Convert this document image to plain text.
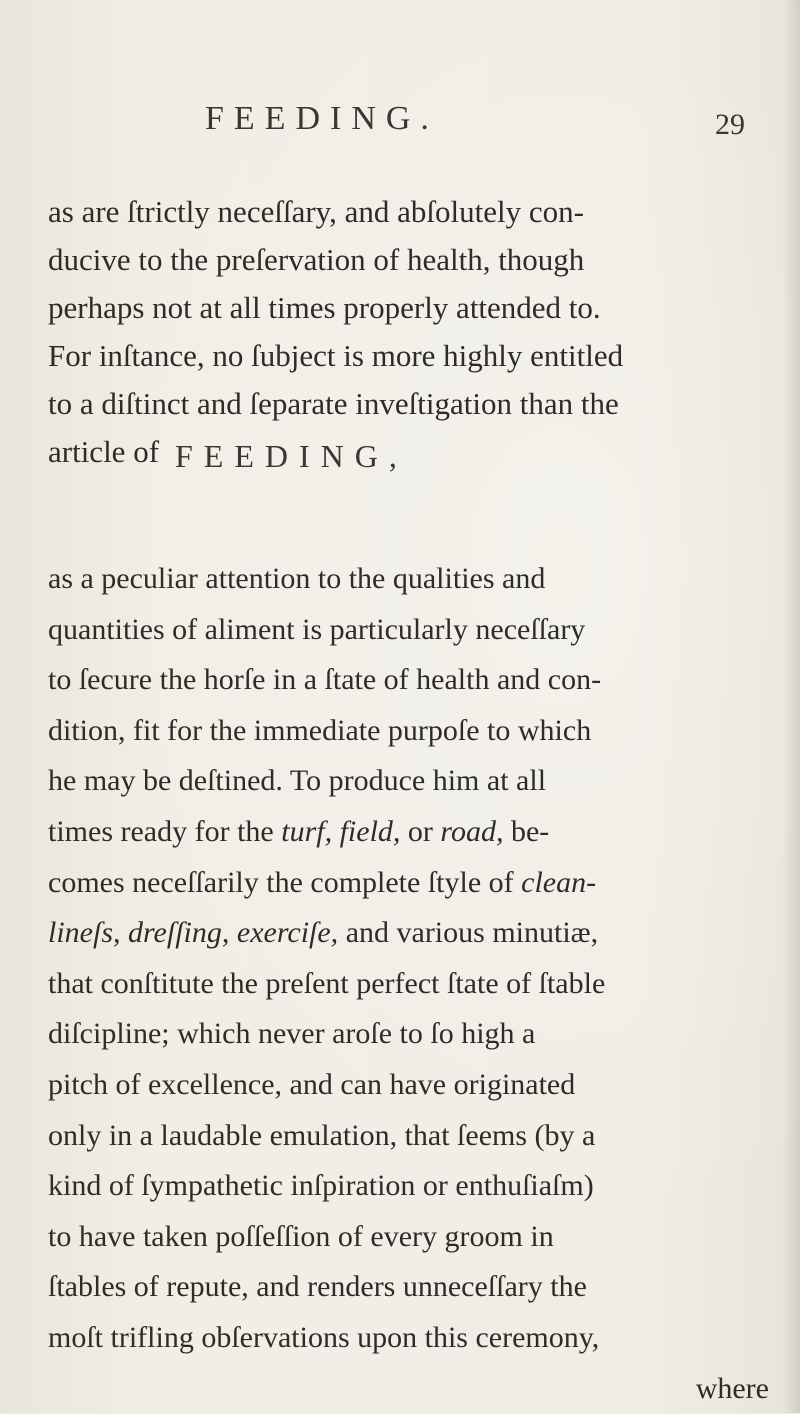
FEEDING.	29
as are ſtrictly neceſſary, and abſolutely con-
ducive to the preſervation of health, though
perhaps not at all times properly attended to.
For inſtance, no ſubject is more highly entitled
to a diſtinct and ſeparate inveſtigation than the
article of FEEDING,
as a peculiar attention to the qualities and
quantities of aliment is particularly neceſſary
to ſecure the horſe in a ſtate of health and con-
dition, fit for the immediate purpoſe to which
he may be deſtined. To produce him at all
times ready for the turf, field, or road, be-
comes neceſſarily the complete ſtyle of clean-
lineſs, dreſſing, exerciſe, and various minutiæ,
that conſtitute the preſent perfect ſtate of ſtable
diſcipline; which never aroſe to ſo high a
pitch of excellence, and can have originated
only in a laudable emulation, that ſeems (by a
kind of ſympathetic inſpiration or enthuſiaſm)
to have taken poſſeſſion of every groom in
ſtables of repute, and renders unneceſſary the
moſt trifling obſervations upon this ceremony,
where
